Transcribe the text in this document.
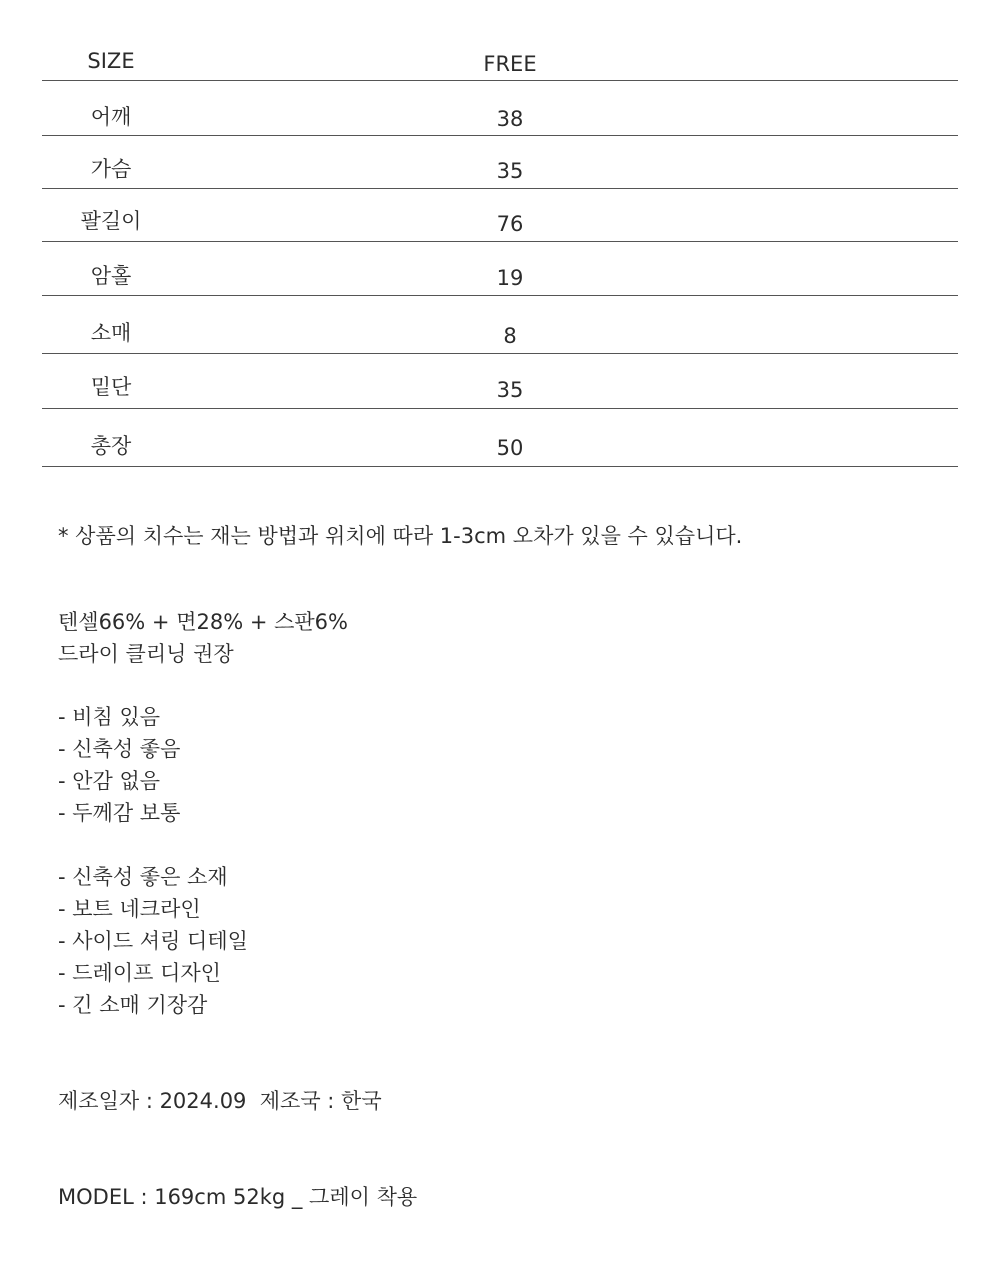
SIZE	FREE
어깨	38
가슴	35
팔길이	76
암홀	19
소매	8
밑단	35
총장	50
* 상품의 치수는 재는 방법과 위치에 따라 1-3cm 오차가 있을 수 있습니다.
텐셀66% + 면28% + 스판6%
드라이 클리닝 권장
- 비침 있음
- 신축성 좋음
- 안감 없음
- 두께감 보통
- 신축성 좋은 소재
- 보트 네크라인
- 사이드 셔링 디테일
- 드레이프 디자인
- 긴 소매 기장감
제조일자 : 2024.09  제조국 : 한국
MODEL : 169cm 52kg _ 그레이 착용
